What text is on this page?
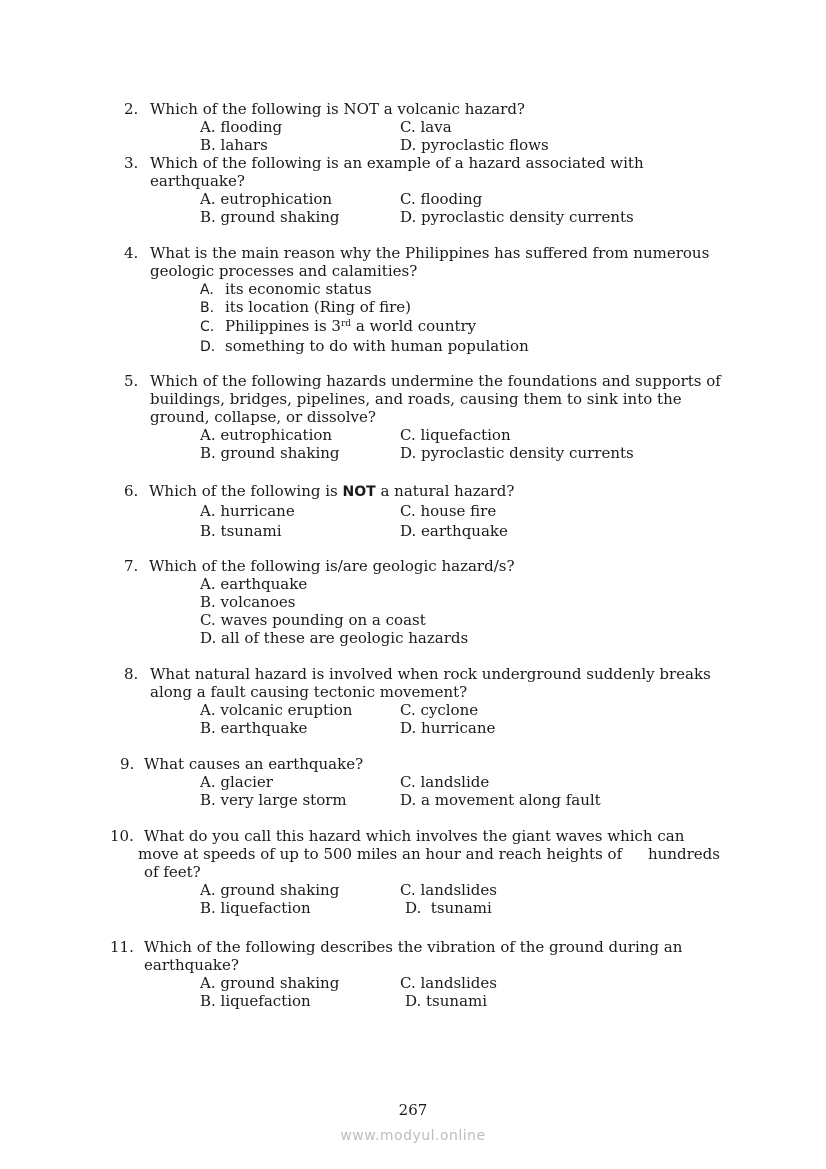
2. Which of the following is NOT a volcanic hazard?
A. flooding	C. lava
B. lahars	D. pyroclastic flows
3. Which of the following is an example of a hazard associated with
earthquake?
A. eutrophication	C. flooding
B. ground shaking	D. pyroclastic density currents
4. What is the main reason why the Philippines has suffered from numerous
geologic processes and calamities?
A. its economic status
B. its location (Ring of fire)
C. Philippines is 3rd a world country
D. something to do with human population
5. Which of the following hazards undermine the foundations and supports of
buildings, bridges, pipelines, and roads, causing them to sink into the
ground, collapse, or dissolve?
A. eutrophication	C. liquefaction
B. ground shaking	D. pyroclastic density currents
6. Which of the following is NOT a natural hazard?
A. hurricane	C. house fire
B. tsunami	D. earthquake
7. Which of the following is/are geologic hazard/s?
A. earthquake
B. volcanoes
C. waves pounding on a coast
D. all of these are geologic hazards
8. What natural hazard is involved when rock underground suddenly breaks
along a fault causing tectonic movement?
A. volcanic eruption	C. cyclone
B. earthquake	D. hurricane
9. What causes an earthquake?
A. glacier	C. landslide
B. very large storm	D. a movement along fault
10. What do you call this hazard which involves the giant waves which can
move at speeds of up to 500 miles an hour and reach heights of hundreds
of feet?
A. ground shaking	C. landslides
B. liquefaction	D.  tsunami
11. Which of the following describes the vibration of the ground during an
earthquake?
A. ground shaking	C. landslides
B. liquefaction	D. tsunami
267
www.modyul.online
